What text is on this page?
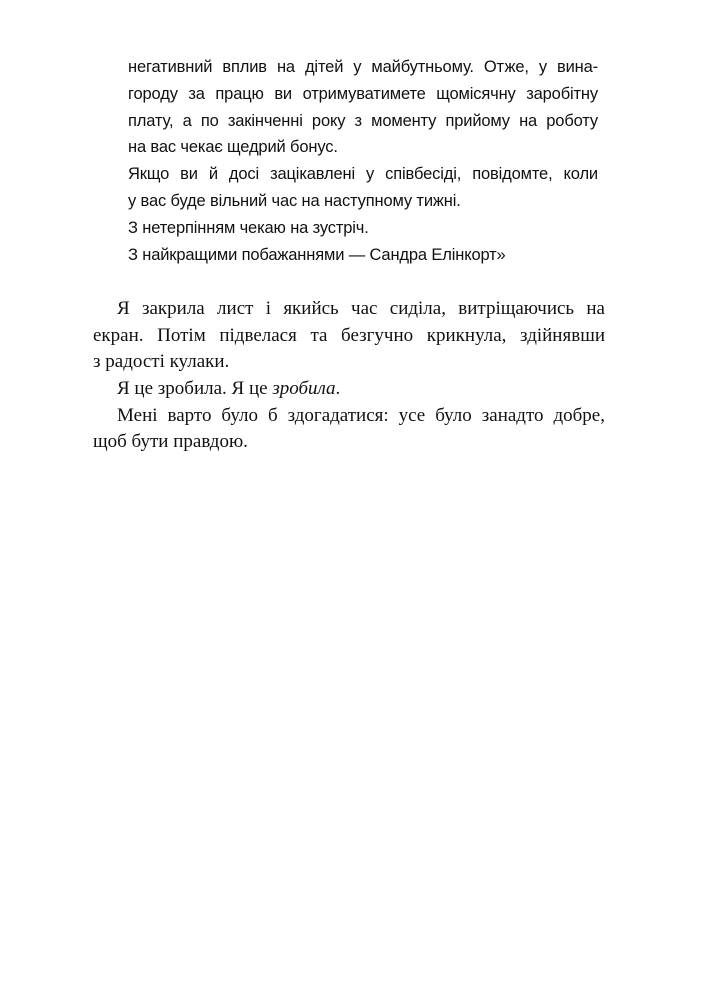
негативний вплив на дітей у майбутньому. Отже, у вина-
городу за працю ви отримуватимете щомісячну заробітну
плату, а по закінченні року з моменту прийому на роботу
на вас чекає щедрий бонус.
Якщо ви й досі зацікавлені у співбесіді, повідомте, коли
у вас буде вільний час на наступному тижні.
З нетерпінням чекаю на зустріч.
З найкращими побажаннями — Сандра Елінкорт»
Я закрила лист і якийсь час сиділа, витріщаючись на
екран. Потім підвелася та безгучно крикнула, здійнявши
з радості кулаки.
Я це зробила. Я це зробила.
Мені варто було б здогадатися: усе було занадто добре,
щоб бути правдою.
